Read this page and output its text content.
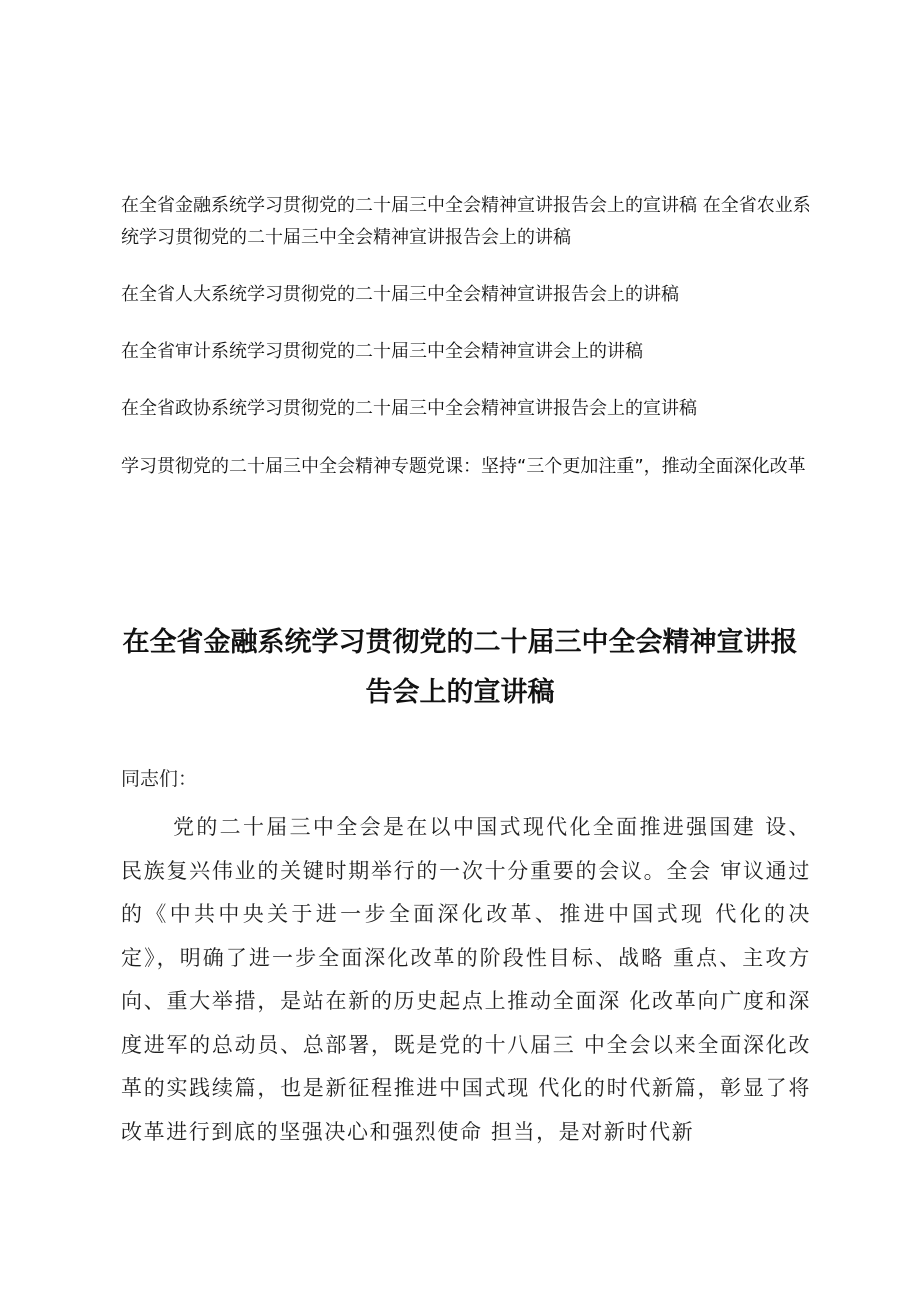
在全省金融系统学习贯彻党的二十届三中全会精神宣讲报告会上的宣讲稿 在全省农业系统学习贯彻党的二十届三中全会精神宣讲报告会上的讲稿

在全省人大系统学习贯彻党的二十届三中全会精神宣讲报告会上的讲稿

在全省审计系统学习贯彻党的二十届三中全会精神宣讲会上的讲稿

在全省政协系统学习贯彻党的二十届三中全会精神宣讲报告会上的宣讲稿

学习贯彻党的二十届三中全会精神专题党课：坚持“三个更加注重”，推动全面深化改革

在全省金融系统学习贯彻党的二十届三中全会精神宣讲报告会上的宣讲稿

同志们：

党的二十届三中全会是在以中国式现代化全面推进强国建 设、民族复兴伟业的关键时期举行的一次十分重要的会议。全会 审议通过的《中共中央关于进一步全面深化改革、推进中国式现 代化的决定》，明确了进一步全面深化改革的阶段性目标、战略 重点、主攻方向、重大举措，是站在新的历史起点上推动全面深 化改革向广度和深度进军的总动员、总部署，既是党的十八届三 中全会以来全面深化改革的实践续篇，也是新征程推进中国式现 代化的时代新篇，彰显了将改革进行到底的坚强决心和强烈使命 担当，是对新时代新
